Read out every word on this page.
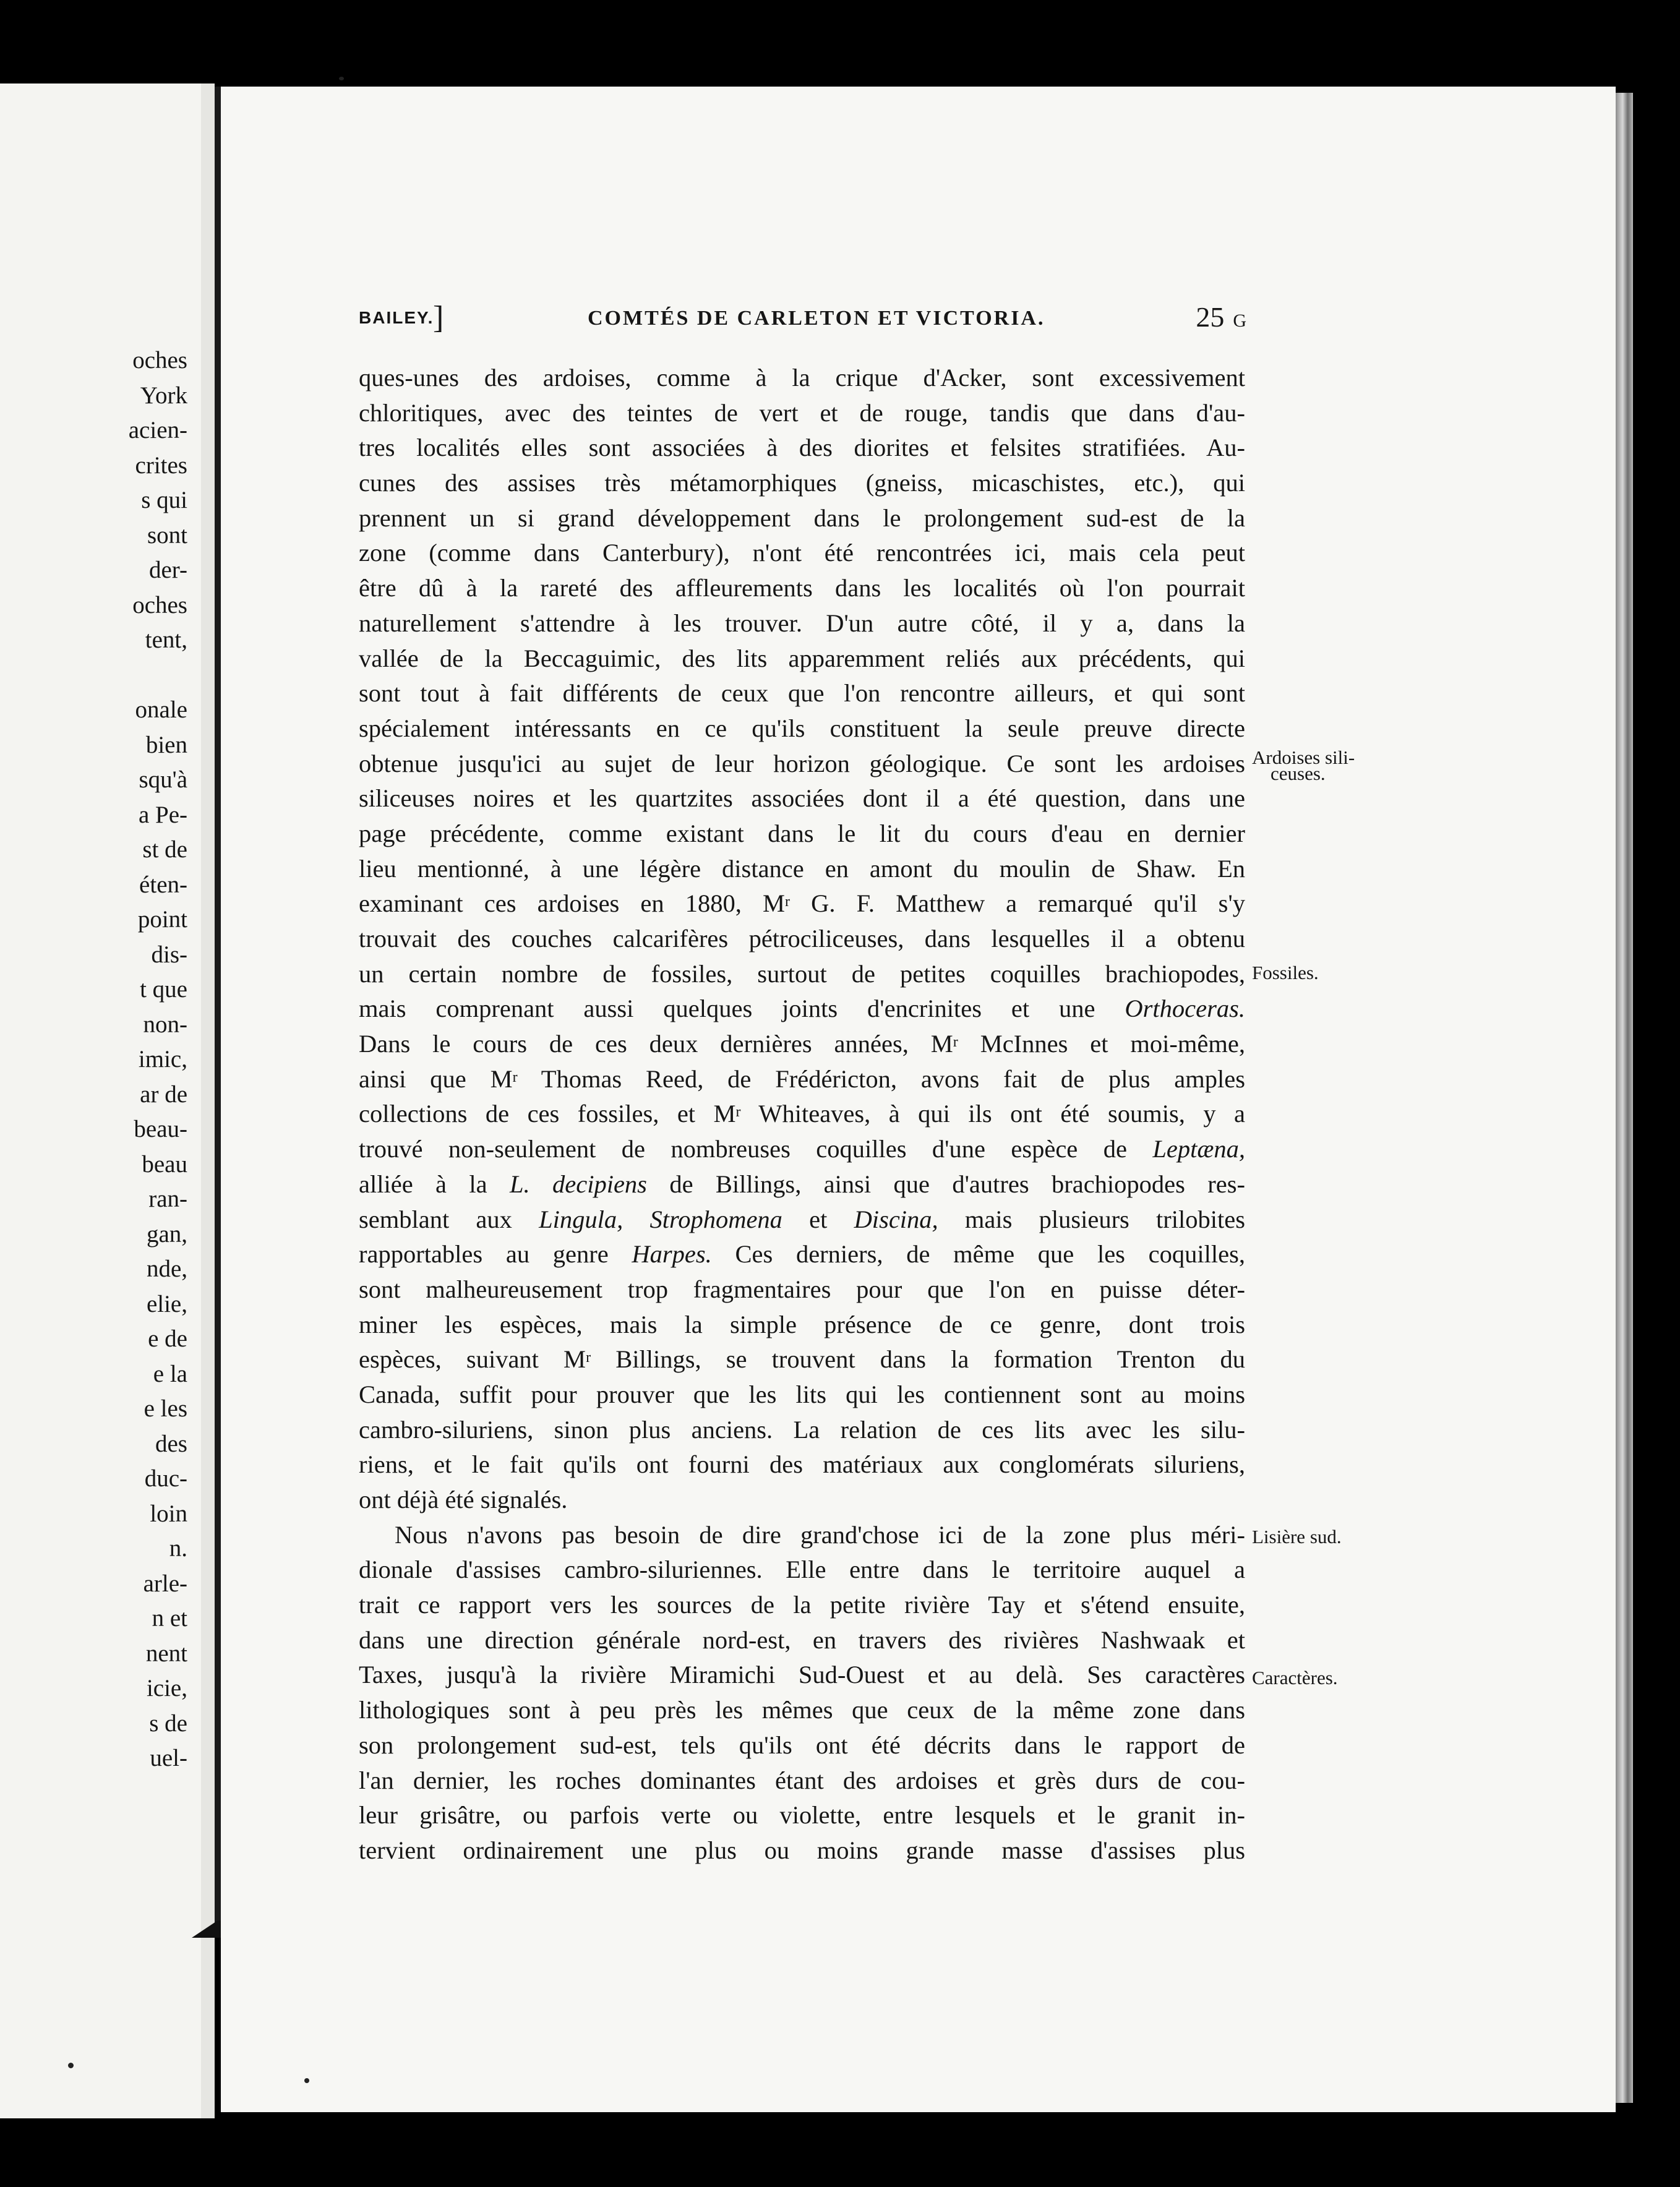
oches
York
acien-
crites
s qui
sont
der-
oches
tent,
onale
bien
squ'à
a Pe-
st de
éten-
point
dis-
t que
non-
imic,
ar de
beau-
beau
ran-
gan,
nde,
elie,
e de
e la
e les
des
duc-
loin
n.
arle-
n et
nent
icie,
s de
uel-
BAILEY.
]	COMTÉS DE CARLETON ET VICTORIA.	25 G
ques-unes des ardoises, comme à la crique d'Acker, sont excessivement
chloritiques, avec des teintes de vert et de rouge, tandis que dans d'au-
tres localités elles sont associées à des diorites et felsites stratifiées. Au-
cunes des assises très métamorphiques (gneiss, micaschistes, etc.), qui
prennent un si grand développement dans le prolongement sud-est de la
zone (comme dans Canterbury), n'ont été rencontrées ici, mais cela peut
être dû à la rareté des affleurements dans les localités où l'on pourrait
naturellement s'attendre à les trouver. D'un autre côté, il y a, dans la
vallée de la Beccaguimic, des lits apparemment reliés aux précédents, qui
sont tout à fait différents de ceux que l'on rencontre ailleurs, et qui sont
spécialement intéressants en ce qu'ils constituent la seule preuve directe
obtenue jusqu'ici au sujet de leur horizon géologique. Ce sont les ardoises
siliceuses noires et les quartzites associées dont il a été question, dans une
page précédente, comme existant dans le lit du cours d'eau en dernier
lieu mentionné, à une légère distance en amont du moulin de Shaw. En
examinant ces ardoises en 1880, $M^r$ G. F. Matthew a remarqué qu'il s'y
trouvait des couches calcarifères pétrociliceuses, dans lesquelles il a obtenu
un certain nombre de fossiles, surtout de petites coquilles brachiopodes,
mais comprenant aussi quelques joints d'encrinites et une Orthoceras.
Dans le cours de ces deux dernières années, $M^r$ McInnes et moi-même,
ainsi que $M^r$ Thomas Reed, de Frédéricton, avons fait de plus amples
collections de ces fossiles, et $M^r$ Whiteaves, à qui ils ont été soumis, y a
trouvé non-seulement de nombreuses coquilles d'une espèce de Leptæna,
alliée à la L. decipiens de Billings, ainsi que d'autres brachiopodes res-
semblant aux Lingula, Strophomena et Discina, mais plusieurs trilobites
rapportables au genre Harpes. Ces derniers, de même que les coquilles,
sont malheureusement trop fragmentaires pour que l'on en puisse déter-
miner les espèces, mais la simple présence de ce genre, dont trois
espèces, suivant $M^r$ Billings, se trouvent dans la formation Trenton du
Canada, suffit pour prouver que les lits qui les contiennent sont au moins
cambro-siluriens, sinon plus anciens. La relation de ces lits avec les silu-
riens, et le fait qu'ils ont fourni des matériaux aux conglomérats siluriens,
ont déjà été signalés.
Nous n'avons pas besoin de dire grand'chose ici de la zone plus méri-
dionale d'assises cambro-siluriennes. Elle entre dans le territoire auquel a
trait ce rapport vers les sources de la petite rivière Tay et s'étend ensuite,
dans une direction générale nord-est, en travers des rivières Nashwaak et
Taxes, jusqu'à la rivière Miramichi Sud-Ouest et au delà. Ses caractères
lithologiques sont à peu près les mêmes que ceux de la même zone dans
son prolongement sud-est, tels qu'ils ont été décrits dans le rapport de
l'an dernier, les roches dominantes étant des ardoises et grès durs de cou-
leur grisâtre, ou parfois verte ou violette, entre lesquels et le granit in-
tervient ordinairement une plus ou moins grande masse d'assises plus
Ardoises sili-
ceuses.
Fossiles.
Lisière sud.
Caractères.
